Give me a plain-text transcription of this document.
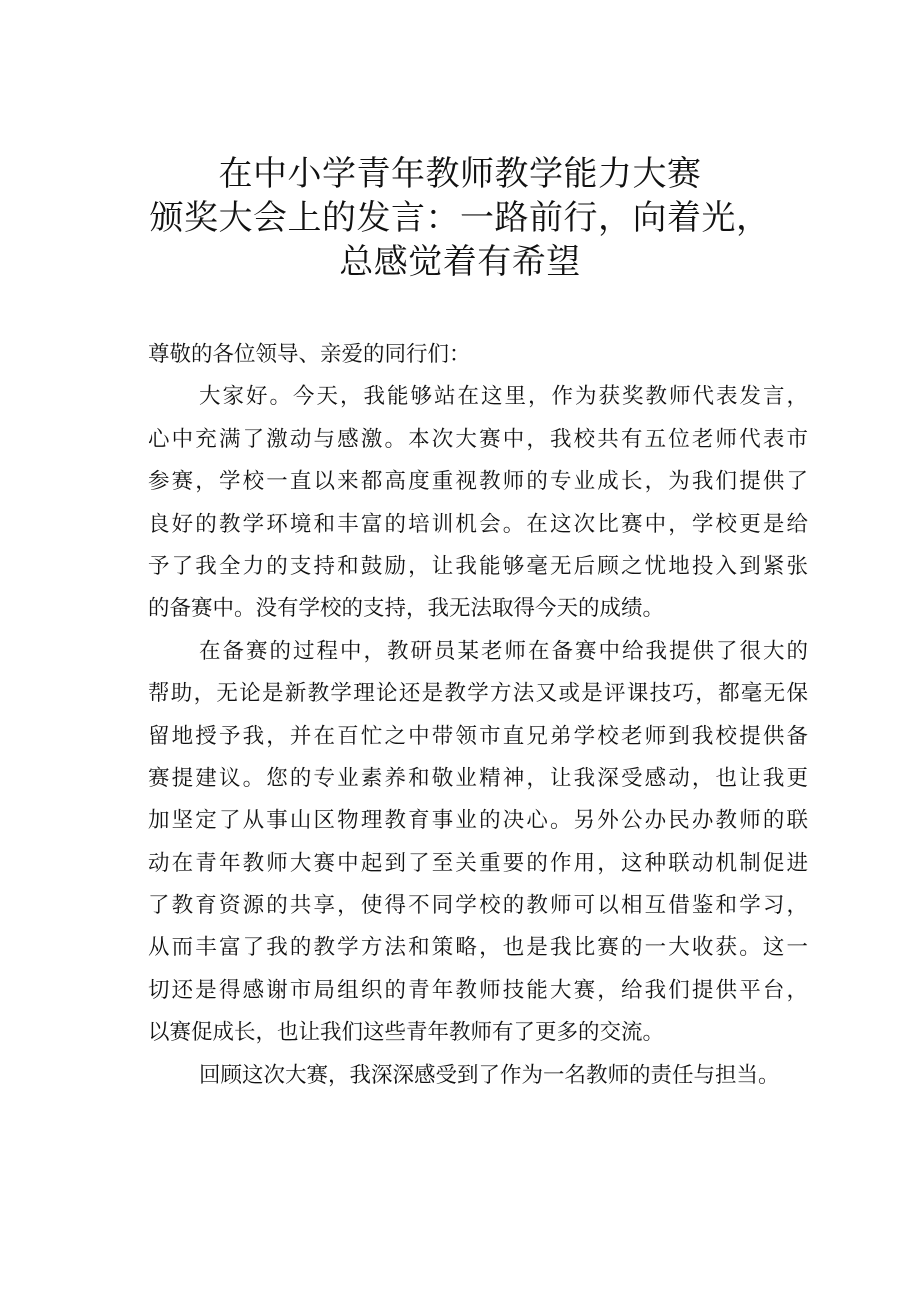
在中小学青年教师教学能力大赛
颁奖大会上的发言：一路前行，向着光，
总感觉着有希望
尊敬的各位领导、亲爱的同行们：
大家好。今天，我能够站在这里，作为获奖教师代表发言，
心中充满了激动与感激。本次大赛中，我校共有五位老师代表市
参赛，学校一直以来都高度重视教师的专业成长，为我们提供了
良好的教学环境和丰富的培训机会。在这次比赛中，学校更是给
予了我全力的支持和鼓励，让我能够毫无后顾之忧地投入到紧张
的备赛中。没有学校的支持，我无法取得今天的成绩。
在备赛的过程中，教研员某老师在备赛中给我提供了很大的
帮助，无论是新教学理论还是教学方法又或是评课技巧，都毫无保
留地授予我，并在百忙之中带领市直兄弟学校老师到我校提供备
赛提建议。您的专业素养和敬业精神，让我深受感动，也让我更
加坚定了从事山区物理教育事业的决心。另外公办民办教师的联
动在青年教师大赛中起到了至关重要的作用，这种联动机制促进
了教育资源的共享，使得不同学校的教师可以相互借鉴和学习，
从而丰富了我的教学方法和策略，也是我比赛的一大收获。这一
切还是得感谢市局组织的青年教师技能大赛，给我们提供平台，
以赛促成长，也让我们这些青年教师有了更多的交流。
回顾这次大赛，我深深感受到了作为一名教师的责任与担当。
